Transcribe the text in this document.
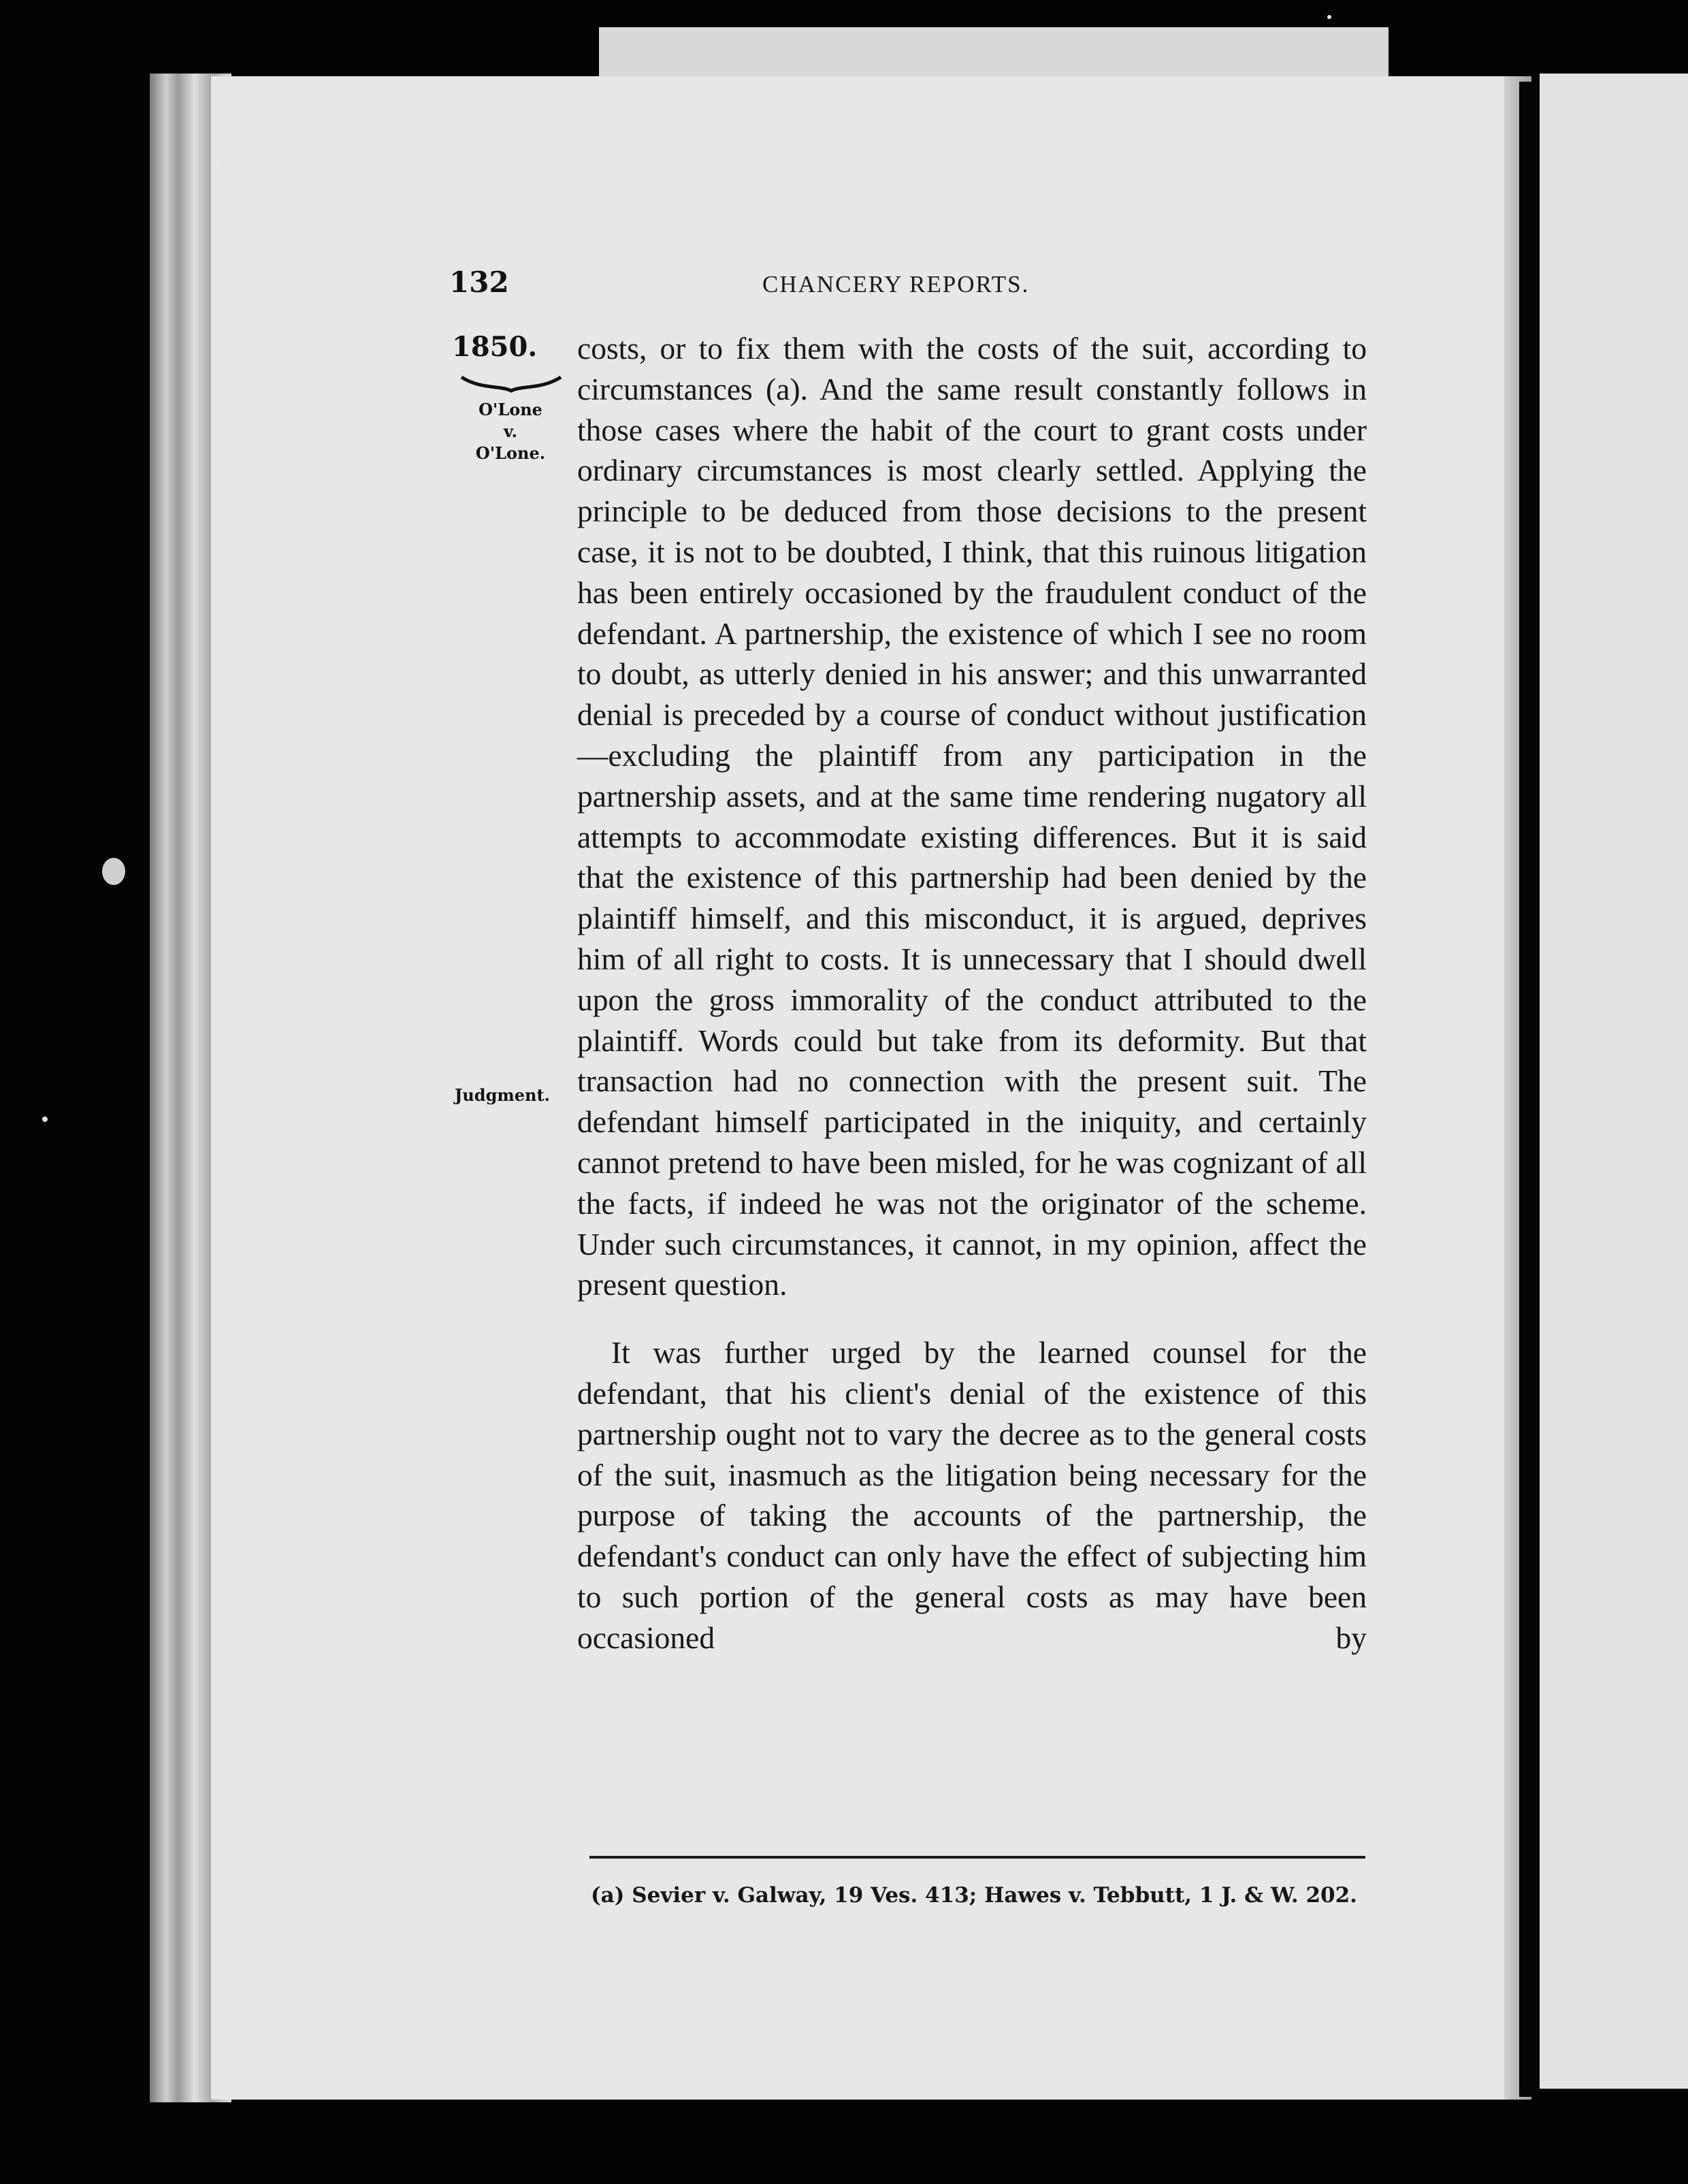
132	CHANCERY REPORTS.
1850.
O'Lone
v.
O'Lone.
Judgment.

costs, or to fix them with the costs of the suit, according to circumstances (a). And the same result constantly follows in those cases where the habit of the court to grant costs under ordinary circumstances is most clearly settled. Applying the principle to be deduced from those decisions to the present case, it is not to be doubted, I think, that this ruinous litigation has been entirely occasioned by the fraudulent conduct of the defendant. A partnership, the existence of which I see no room to doubt, as utterly denied in his answer; and this unwarranted denial is preceded by a course of conduct without justification—excluding the plaintiff from any participation in the partnership assets, and at the same time rendering nugatory all attempts to accommodate existing differences. But it is said that the existence of this partnership had been denied by the plaintiff himself, and this misconduct, it is argued, deprives him of all right to costs. It is unnecessary that I should dwell upon the gross immorality of the conduct attributed to the plaintiff. Words could but take from its deformity. But that transaction had no connection with the present suit. The defendant himself participated in the iniquity, and certainly cannot pretend to have been misled, for he was cognizant of all the facts, if indeed he was not the originator of the scheme. Under such circumstances, it cannot, in my opinion, affect the present question.

It was further urged by the learned counsel for the defendant, that his client's denial of the existence of this partnership ought not to vary the decree as to the general costs of the suit, inasmuch as the litigation being necessary for the purpose of taking the accounts of the partnership, the defendant's conduct can only have the effect of subjecting him to such portion of the general costs as may have been occasioned by

(a) Sevier v. Galway, 19 Ves. 413; Hawes v. Tebbutt, 1 J. & W. 202.
